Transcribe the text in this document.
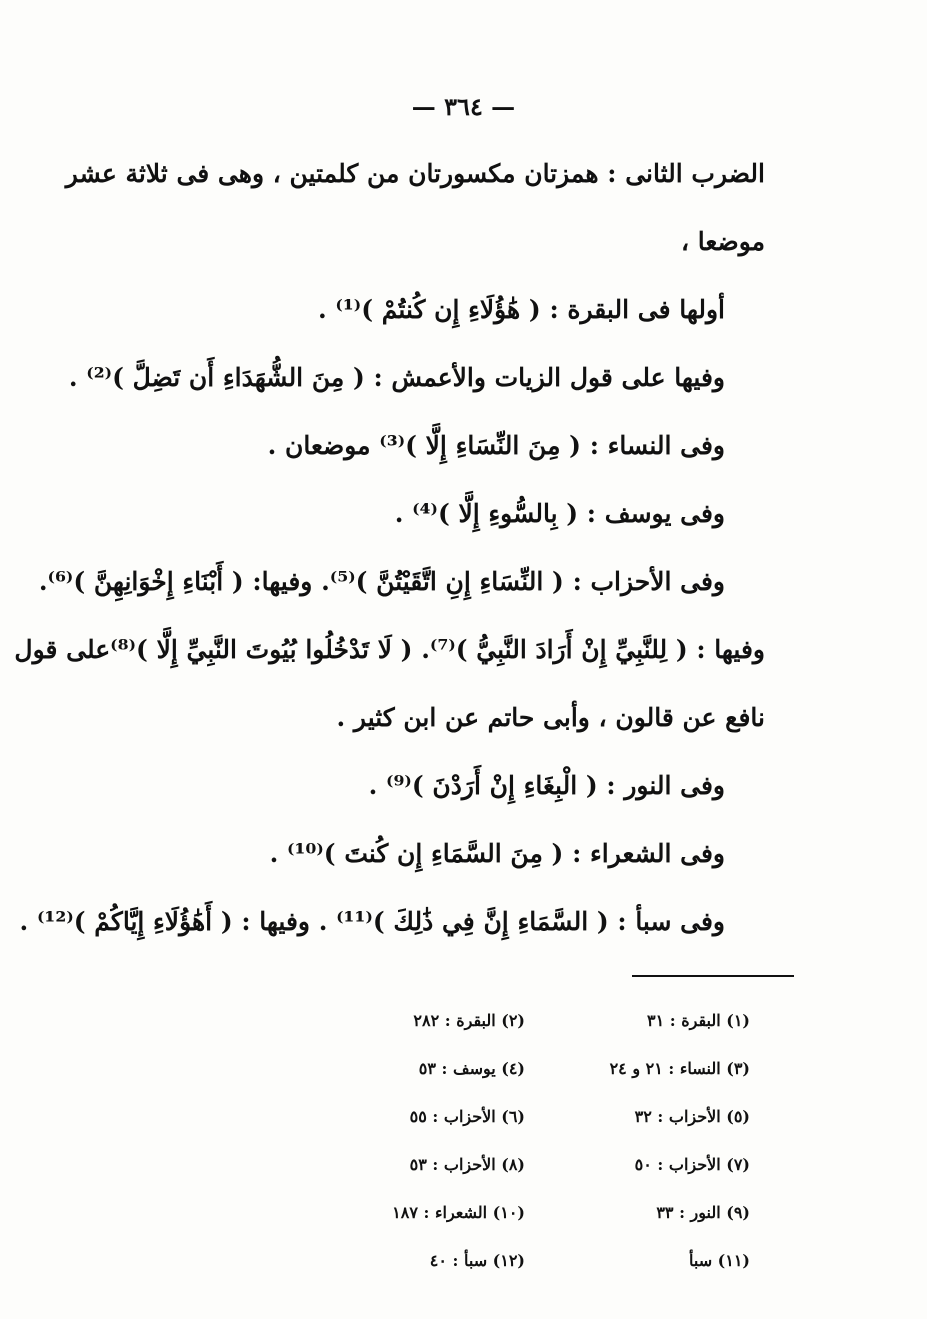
— ٣٦٤ —
الضرب الثانى : همزتان مكسورتان من كلمتين ، وهى فى ثلاثة عشر
موضعا ،
أولها فى البقرة : ( هَٰؤُلَاءِ إِن كُنتُمْ )⁽¹⁾ .
وفيها على قول الزيات والأعمش : ( مِنَ الشُّهَدَاءِ أَن تَضِلَّ )⁽²⁾ .
وفى النساء : ( مِنَ النِّسَاءِ إِلَّا )⁽³⁾ موضعان .
وفى يوسف : ( بِالسُّوءِ إِلَّا )⁽⁴⁾ .
وفى الأحزاب : ( النِّسَاءِ إِنِ اتَّقَيْتُنَّ )⁽⁵⁾. وفيها: ( أَبْنَاءِ إِخْوَانِهِنَّ )⁽⁶⁾.
وفيها : ( لِلنَّبِيِّ إِنْ أَرَادَ النَّبِيُّ )⁽⁷⁾. ( لَا تَدْخُلُوا بُيُوتَ النَّبِيِّ إِلَّا )⁽⁸⁾على قول
نافع عن قالون ، وأبى حاتم عن ابن كثير .
وفى النور : ( الْبِغَاءِ إِنْ أَرَدْنَ )⁽⁹⁾ .
وفى الشعراء : ( مِنَ السَّمَاءِ إِن كُنتَ )⁽¹⁰⁾ .
وفى سبأ : ( السَّمَاءِ إِنَّ فِي ذَٰلِكَ )⁽¹¹⁾ . وفيها : ( أَهَٰؤُلَاءِ إِيَّاكُمْ )⁽¹²⁾ .
(١) البقرة : ٣١
(٢) البقرة : ٢٨٢
(٣) النساء : ٢١ و ٢٤
(٤) يوسف : ٥٣
(٥) الأحزاب : ٣٢
(٦) الأحزاب : ٥٥
(٧) الأحزاب : ٥٠
(٨) الأحزاب : ٥٣
(٩) النور : ٣٣
(١٠) الشعراء : ١٨٧
(١١) سبأ
(١٢) سبأ : ٤٠
